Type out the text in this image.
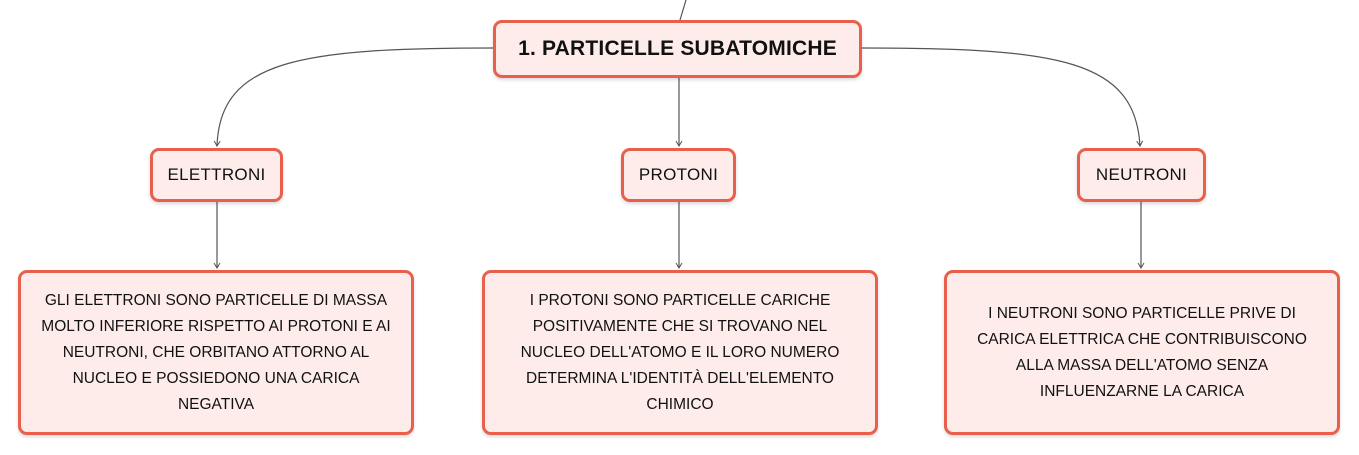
1. PARTICELLE SUBATOMICHE
ELETTRONI	PROTONI	NEUTRONI
GLI ELETTRONI SONO PARTICELLE DI MASSA MOLTO INFERIORE RISPETTO AI PROTONI E AI NEUTRONI, CHE ORBITANO ATTORNO AL NUCLEO E POSSIEDONO UNA CARICA NEGATIVA
I PROTONI SONO PARTICELLE CARICHE POSITIVAMENTE CHE SI TROVANO NEL NUCLEO DELL'ATOMO E IL LORO NUMERO DETERMINA L'IDENTITÀ DELL'ELEMENTO CHIMICO
I NEUTRONI SONO PARTICELLE PRIVE DI CARICA ELETTRICA CHE CONTRIBUISCONO ALLA MASSA DELL'ATOMO SENZA INFLUENZARNE LA CARICA
